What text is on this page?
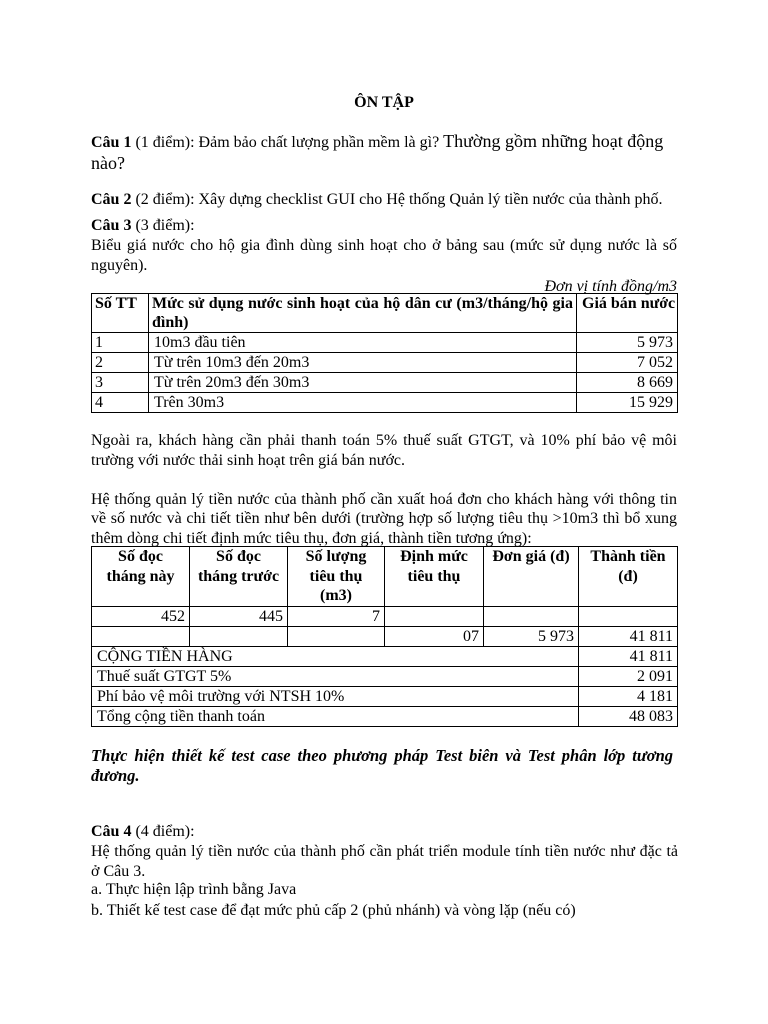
ÔN TẬP
Câu 1 (1 điểm): Đảm bảo chất lượng phần mềm là gì? Thường gồm những hoạt động nào?
Câu 2 (2 điểm): Xây dựng checklist GUI cho Hệ thống Quản lý tiền nước của thành phố.
Câu 3 (3 điểm):
Biểu giá nước cho hộ gia đình dùng sinh hoạt cho ở bảng sau (mức sử dụng nước là số nguyên).
Đơn vị tính đồng/m3
Số TT	Mức sử dụng nước sinh hoạt của hộ dân cư (m3/tháng/hộ gia đình)	Giá bán nước
1	10m3 đầu tiên	5 973
2	Từ trên 10m3 đến 20m3	7 052
3	Từ trên 20m3 đến 30m3	8 669
4	Trên 30m3	15 929
Ngoài ra, khách hàng cần phải thanh toán 5% thuế suất GTGT, và 10% phí bảo vệ môi trường với nước thải sinh hoạt trên giá bán nước.
Hệ thống quản lý tiền nước của thành phố cần xuất hoá đơn cho khách hàng với thông tin về số nước và chi tiết tiền như bên dưới (trường hợp số lượng tiêu thụ >10m3 thì bổ xung thêm dòng chi tiết định mức tiêu thụ, đơn giá, thành tiền tương ứng):
Số đọc tháng này	Số đọc tháng trước	Số lượng tiêu thụ (m3)	Định mức tiêu thụ	Đơn giá (đ)	Thành tiền (đ)

452	445	7			
			07	5 973	41 811
CỘNG TIỀN HÀNG					41 811
Thuế suất GTGT 5%					2 091
Phí bảo vệ môi trường với NTSH 10%					4 181
Tổng cộng tiền thanh toán					48 083
Thực hiện thiết kế test case theo phương pháp Test biên và Test phân lớp tương đương.
Câu 4 (4 điểm):
Hệ thống quản lý tiền nước của thành phố cần phát triển module tính tiền nước như đặc tả ở Câu 3.
a. Thực hiện lập trình bằng Java
b. Thiết kế test case để đạt mức phủ cấp 2 (phủ nhánh) và vòng lặp (nếu có)
